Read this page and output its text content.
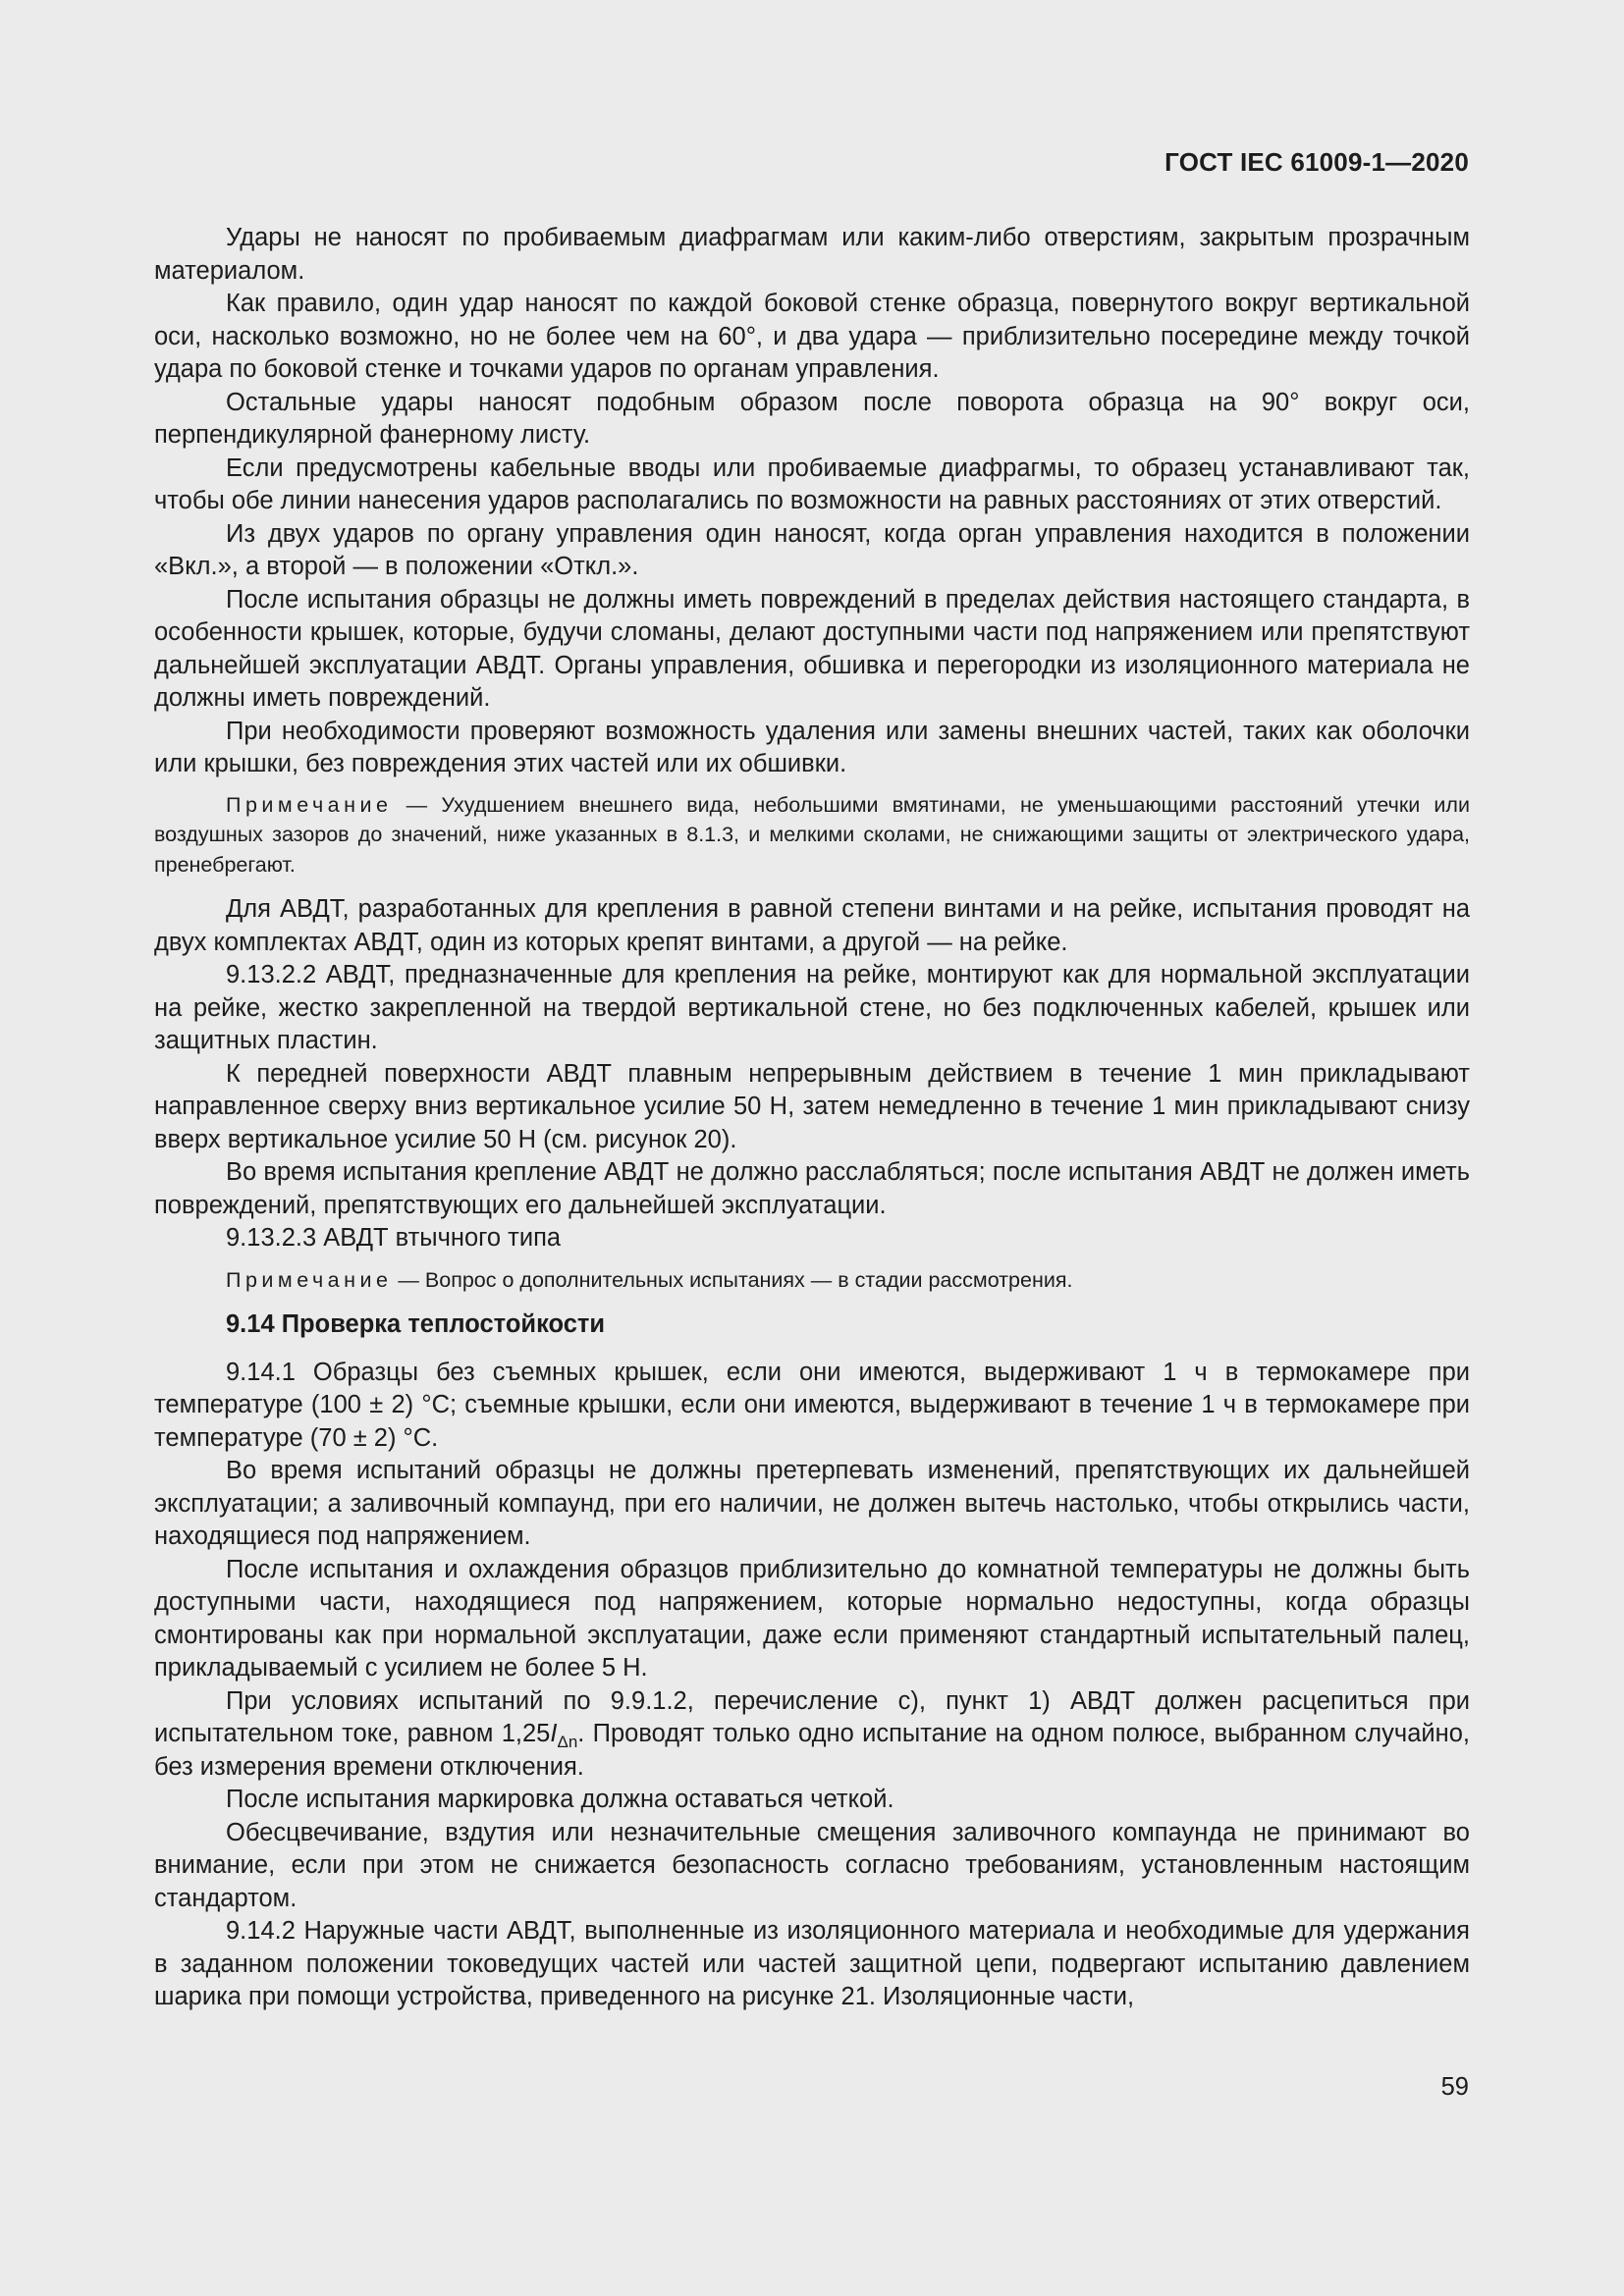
ГОСТ IEC 61009-1—2020

Удары не наносят по пробиваемым диафрагмам или каким-либо отверстиям, закрытым прозрачным материалом.

Как правило, один удар наносят по каждой боковой стенке образца, повернутого вокруг вертикальной оси, насколько возможно, но не более чем на 60°, и два удара — приблизительно посередине между точкой удара по боковой стенке и точками ударов по органам управления.

Остальные удары наносят подобным образом после поворота образца на 90° вокруг оси, перпендикулярной фанерному листу.

Если предусмотрены кабельные вводы или пробиваемые диафрагмы, то образец устанавливают так, чтобы обе линии нанесения ударов располагались по возможности на равных расстояниях от этих отверстий.

Из двух ударов по органу управления один наносят, когда орган управления находится в положении «Вкл.», а второй — в положении «Откл.».

После испытания образцы не должны иметь повреждений в пределах действия настоящего стандарта, в особенности крышек, которые, будучи сломаны, делают доступными части под напряжением или препятствуют дальнейшей эксплуатации АВДТ. Органы управления, обшивка и перегородки из изоляционного материала не должны иметь повреждений.

При необходимости проверяют возможность удаления или замены внешних частей, таких как оболочки или крышки, без повреждения этих частей или их обшивки.

Примечание — Ухудшением внешнего вида, небольшими вмятинами, не уменьшающими расстояний утечки или воздушных зазоров до значений, ниже указанных в 8.1.3, и мелкими сколами, не снижающими защиты от электрического удара, пренебрегают.

Для АВДТ, разработанных для крепления в равной степени винтами и на рейке, испытания проводят на двух комплектах АВДТ, один из которых крепят винтами, а другой — на рейке.

9.13.2.2 АВДТ, предназначенные для крепления на рейке, монтируют как для нормальной эксплуатации на рейке, жестко закрепленной на твердой вертикальной стене, но без подключенных кабелей, крышек или защитных пластин.

К передней поверхности АВДТ плавным непрерывным действием в течение 1 мин прикладывают направленное сверху вниз вертикальное усилие 50 Н, затем немедленно в течение 1 мин прикладывают снизу вверх вертикальное усилие 50 Н (см. рисунок 20).

Во время испытания крепление АВДТ не должно расслабляться; после испытания АВДТ не должен иметь повреждений, препятствующих его дальнейшей эксплуатации.

9.13.2.3 АВДТ втычного типа

Примечание — Вопрос о дополнительных испытаниях — в стадии рассмотрения.

9.14 Проверка теплостойкости

9.14.1 Образцы без съемных крышек, если они имеются, выдерживают 1 ч в термокамере при температуре (100 ± 2) °C; съемные крышки, если они имеются, выдерживают в течение 1 ч в термокамере при температуре (70 ± 2) °C.

Во время испытаний образцы не должны претерпевать изменений, препятствующих их дальнейшей эксплуатации; а заливочный компаунд, при его наличии, не должен вытечь настолько, чтобы открылись части, находящиеся под напряжением.

После испытания и охлаждения образцов приблизительно до комнатной температуры не должны быть доступными части, находящиеся под напряжением, которые нормально недоступны, когда образцы смонтированы как при нормальной эксплуатации, даже если применяют стандартный испытательный палец, прикладываемый с усилием не более 5 Н.

При условиях испытаний по 9.9.1.2, перечисление с), пункт 1) АВДТ должен расцепиться при испытательном токе, равном $1,25I_{\Delta n}$. Проводят только одно испытание на одном полюсе, выбранном случайно, без измерения времени отключения.

После испытания маркировка должна оставаться четкой.

Обесцвечивание, вздутия или незначительные смещения заливочного компаунда не принимают во внимание, если при этом не снижается безопасность согласно требованиям, установленным настоящим стандартом.

9.14.2 Наружные части АВДТ, выполненные из изоляционного материала и необходимые для удержания в заданном положении токоведущих частей или частей защитной цепи, подвергают испытанию давлением шарика при помощи устройства, приведенного на рисунке 21. Изоляционные части,

59
